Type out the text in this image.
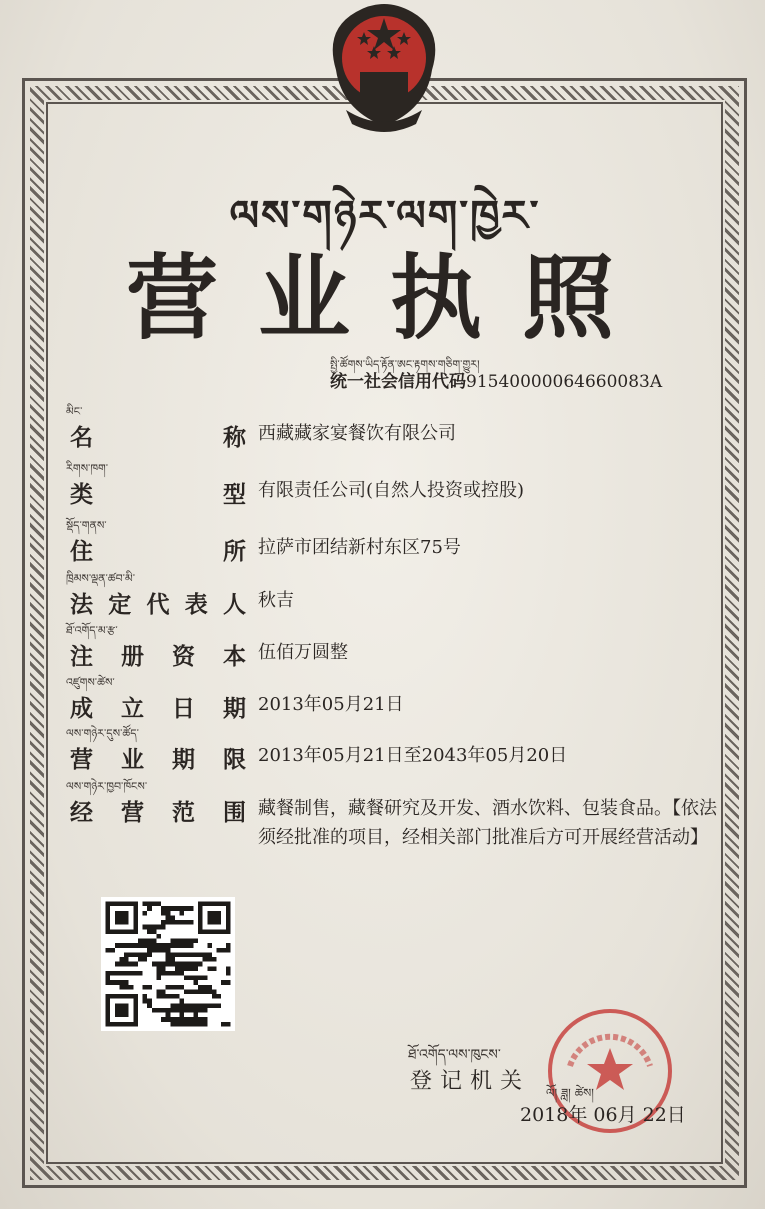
ལས་གཉེར་ལག་ཁྱེར་
营业执照
སྤྱི་ཚོགས་ཡིད་རྟོན་ཨང་རྟགས་གཅིག་གྱུར།
统一社会信用代码91540000064660083A
མིང་
名	称 西藏藏家宴餐饮有限公司
རིགས་ཁག་
类	型 有限责任公司(自然人投资或控股)
སྡོད་གནས་
住	所 拉萨市团结新村东区75号
ཁྲིམས་ལྡན་ཚབ་མི་
法 定 代 表 人 秋吉
ཐོ་འགོད་མ་རྩ་
注 册 资 本 伍佰万圆整
འཛུགས་ཚེས་
成 立 日 期 2013年05月21日
ལས་གཉེར་དུས་ཚོད་
营 业 期 限 2013年05月21日至2043年05月20日
ལས་གཉེར་ཁྱབ་ཁོངས་
经 营 范 围 藏餐制售，藏餐研究及开发、酒水饮料、包装食品。【依法须经批准的项目，经相关部门批准后方可开展经营活动】
ཐོ་འགོད་ལས་ཁུངས་
登记机关 ལོ། ཟླ། ཚེས།
2018年 06月 22日
